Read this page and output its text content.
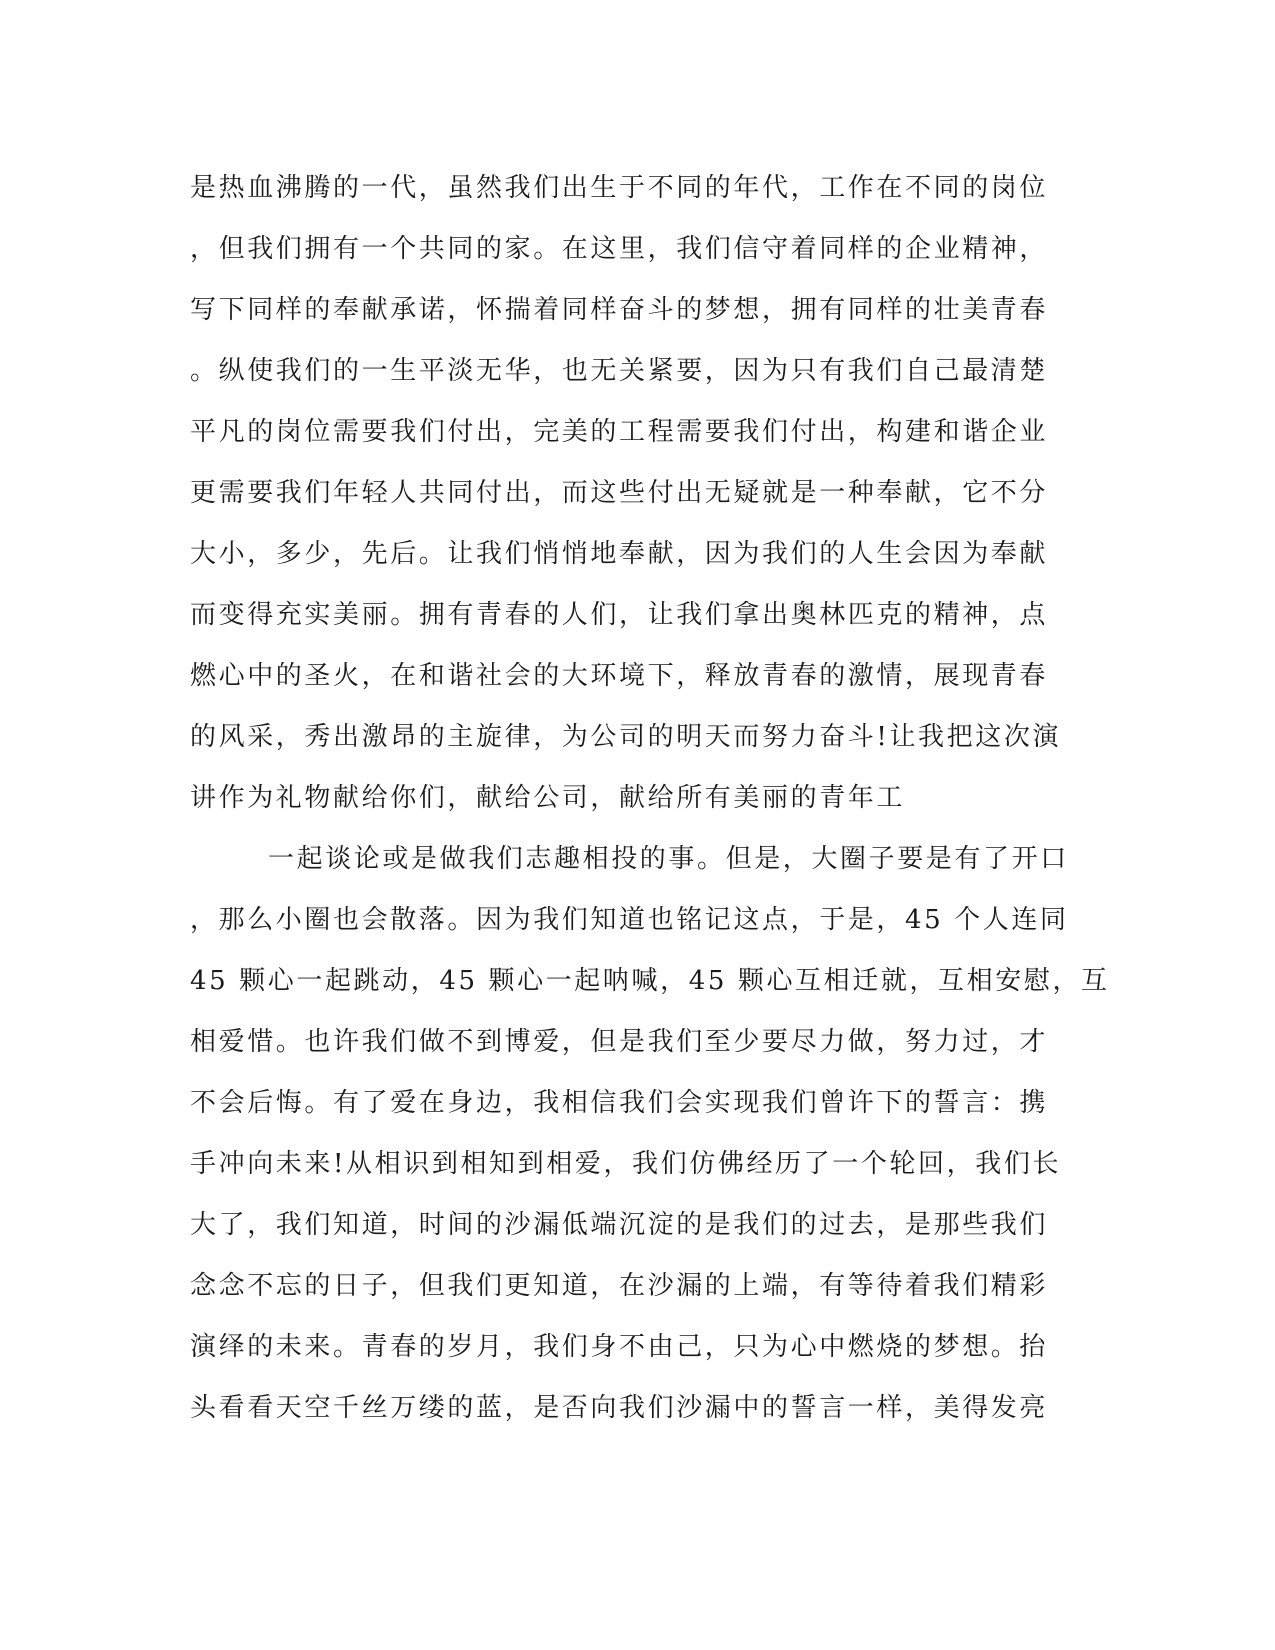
是热血沸腾的一代，虽然我们出生于不同的年代，工作在不同的岗位
，但我们拥有一个共同的家。在这里，我们信守着同样的企业精神，
写下同样的奉献承诺，怀揣着同样奋斗的梦想，拥有同样的壮美青春
。纵使我们的一生平淡无华，也无关紧要，因为只有我们自己最清楚
平凡的岗位需要我们付出，完美的工程需要我们付出，构建和谐企业
更需要我们年轻人共同付出，而这些付出无疑就是一种奉献，它不分
大小，多少，先后。让我们悄悄地奉献，因为我们的人生会因为奉献
而变得充实美丽。拥有青春的人们，让我们拿出奥林匹克的精神，点
燃心中的圣火，在和谐社会的大环境下，释放青春的激情，展现青春
的风采，秀出激昂的主旋律，为公司的明天而努力奋斗!让我把这次演
讲作为礼物献给你们，献给公司，献给所有美丽的青年工
一起谈论或是做我们志趣相投的事。但是，大圈子要是有了开口
，那么小圈也会散落。因为我们知道也铭记这点，于是，45 个人连同
45 颗心一起跳动，45 颗心一起呐喊，45 颗心互相迁就，互相安慰，互
相爱惜。也许我们做不到博爱，但是我们至少要尽力做，努力过，才
不会后悔。有了爱在身边，我相信我们会实现我们曾许下的誓言：携
手冲向未来!从相识到相知到相爱，我们仿佛经历了一个轮回，我们长
大了，我们知道，时间的沙漏低端沉淀的是我们的过去，是那些我们
念念不忘的日子，但我们更知道，在沙漏的上端，有等待着我们精彩
演绎的未来。青春的岁月，我们身不由己，只为心中燃烧的梦想。抬
头看看天空千丝万缕的蓝，是否向我们沙漏中的誓言一样，美得发亮
